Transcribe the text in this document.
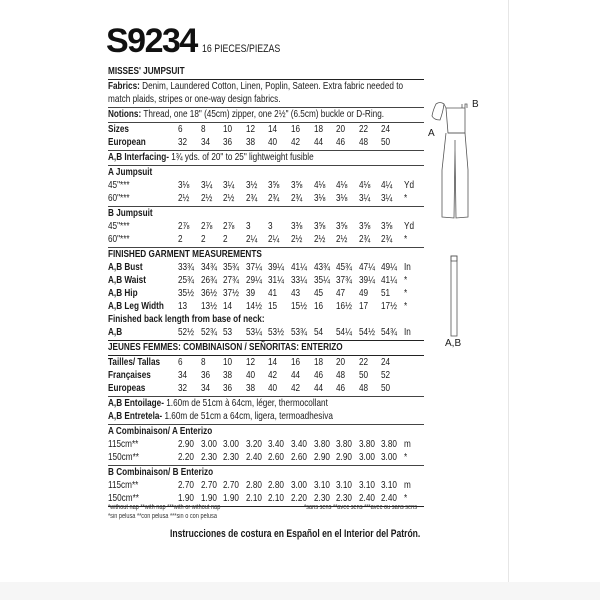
S9234 16 PIECES/PIEZAS
MISSES' JUMPSUIT
Fabrics: Denim, Laundered Cotton, Linen, Poplin, Sateen. Extra fabric needed to
match plaids, stripes or one-way design fabrics.
Notions: Thread, one 18" (45cm) zipper, one 2½" (6.5cm) buckle or D-Ring.
Sizes	6	8	10	12	14	16	18	20	22	24
European	32	34	36	38	40	42	44	46	48	50
A,B Interfacing- 1¾ yds. of 20" to 25" lightweight fusible
A Jumpsuit
45"***	3⅛	3¼	3¼	3½	3⅝	3⅝	4⅛	4⅛	4⅛	4¼	Yd
60"***	2½	2½	2½	2¾	2¾	2¾	3⅛	3⅛	3¼	3¼	*
B Jumpsuit
45"***	2⅞	2⅞	2⅞	3	3	3⅜	3⅝	3⅝	3⅝	3⅝	Yd
60"***	2	2	2	2¼	2¼	2½	2½	2½	2¾	2¾	*
FINISHED GARMENT MEASUREMENTS
A,B Bust	33¾ 34¾ 35¾ 37¼ 39¼ 41¼ 43¾ 45¾ 47¼ 49¼ In
A,B Waist	25¾ 26¾ 27¾ 29¼ 31¼ 33¼ 35¼ 37¾ 39¼ 41¼ *
A,B Hip	35½ 36½ 37½ 39	41	43	45	47	49	51	*
A,B Leg Width	13	13½ 14	14½ 15	15½ 16	16½ 17	17½ *
Finished back length from base of neck:
A,B	52½ 52¾ 53	53¼ 53½ 53¾ 54	54¼ 54½ 54¾ In
JEUNES FEMMES: COMBINAISON / SEÑORITAS: ENTERIZO
Tailles/ Tallas	6	8	10	12	14	16	18	20	22	24
Françaises	34	36	38	40	42	44	46	48	50	52
Europeas	32	34	36	38	40	42	44	46	48	50
A,B Entoilage- 1.60m de 51cm à 64cm, léger, thermocollant
A,B Entretela- 1.60m de 51cm a 64cm, ligera, termoadhesiva
A Combinaison/ A Enterizo
115cm**	2.90 3.00 3.00 3.20 3.40 3.40 3.80 3.80 3.80 3.80 m
150cm**	2.20 2.30 2.30 2.40 2.60 2.60 2.90 2.90 3.00 3.00 *
B Combinaison/ B Enterizo
115cm**	2.70 2.70 2.70 2.80 2.80 3.00 3.10 3.10 3.10 3.10 m
150cm**	1.90 1.90 1.90 2.10 2.10 2.20 2.30 2.30 2.40 2.40 *
*without nap **with nap ***with or without nap
*sin pelusa **con pelusa ***sin o con pelusa
*sans sens **avec sens ***avec ou sans sens
Instrucciones de costura en Español en el Interior del Patrón.
B
A
A,B
